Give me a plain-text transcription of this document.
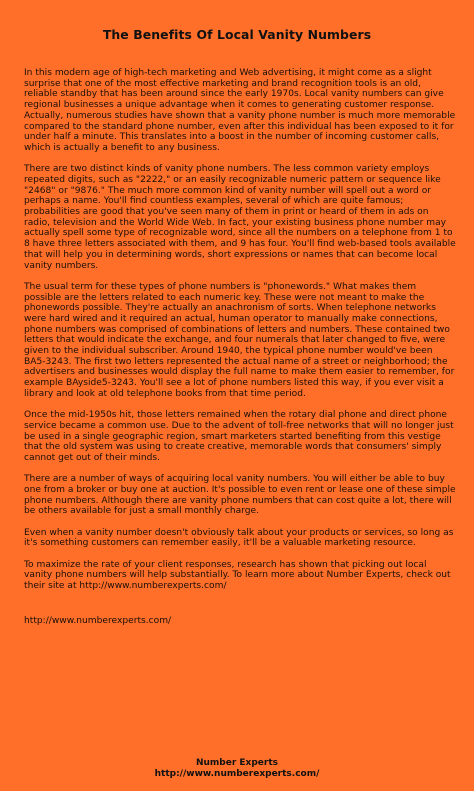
The Benefits Of Local Vanity Numbers

In this modern age of high-tech marketing and Web advertising, it might come as a slight surprise that one of the most effective marketing and brand recognition tools is an old, reliable standby that has been around since the early 1970s. Local vanity numbers can give regional businesses a unique advantage when it comes to generating customer response. Actually, numerous studies have shown that a vanity phone number is much more memorable compared to the standard phone number, even after this individual has been exposed to it for under half a minute. This translates into a boost in the number of incoming customer calls, which is actually a benefit to any business.

There are two distinct kinds of vanity phone numbers. The less common variety employs repeated digits, such as "2222," or an easily recognizable numeric pattern or sequence like "2468" or "9876." The much more common kind of vanity number will spell out a word or perhaps a name. You'll find countless examples, several of which are quite famous; probabilities are good that you've seen many of them in print or heard of them in ads on radio, television and the World Wide Web. In fact, your existing business phone number may actually spell some type of recognizable word, since all the numbers on a telephone from 1 to 8 have three letters associated with them, and 9 has four. You'll find web-based tools available that will help you in determining words, short expressions or names that can become local vanity numbers.

The usual term for these types of phone numbers is "phonewords." What makes them possible are the letters related to each numeric key. These were not meant to make the phonewords possible. They're actually an anachronism of sorts. When telephone networks were hard wired and it required an actual, human operator to manually make connections, phone numbers was comprised of combinations of letters and numbers. These contained two letters that would indicate the exchange, and four numerals that later changed to five, were given to the individual subscriber. Around 1940, the typical phone number would've been BA5-3243. The first two letters represented the actual name of a street or neighborhood; the advertisers and businesses would display the full name to make them easier to remember, for example BAyside5-3243. You'll see a lot of phone numbers listed this way, if you ever visit a library and look at old telephone books from that time period.

Once the mid-1950s hit, those letters remained when the rotary dial phone and direct phone service became a common use. Due to the advent of toll-free networks that will no longer just be used in a single geographic region, smart marketers started benefiting from this vestige that the old system was using to create creative, memorable words that consumers' simply cannot get out of their minds.

There are a number of ways of acquiring local vanity numbers. You will either be able to buy one from a broker or buy one at auction. It's possible to even rent or lease one of these simple phone numbers. Although there are vanity phone numbers that can cost quite a lot, there will be others available for just a small monthly charge.

Even when a vanity number doesn't obviously talk about your products or services, so long as it's something customers can remember easily, it'll be a valuable marketing resource.

To maximize the rate of your client responses, research has shown that picking out local vanity phone numbers will help substantially. To learn more about Number Experts, check out their site at http://www.numberexperts.com/

http://www.numberexperts.com/

Number Experts
http://www.numberexperts.com/
